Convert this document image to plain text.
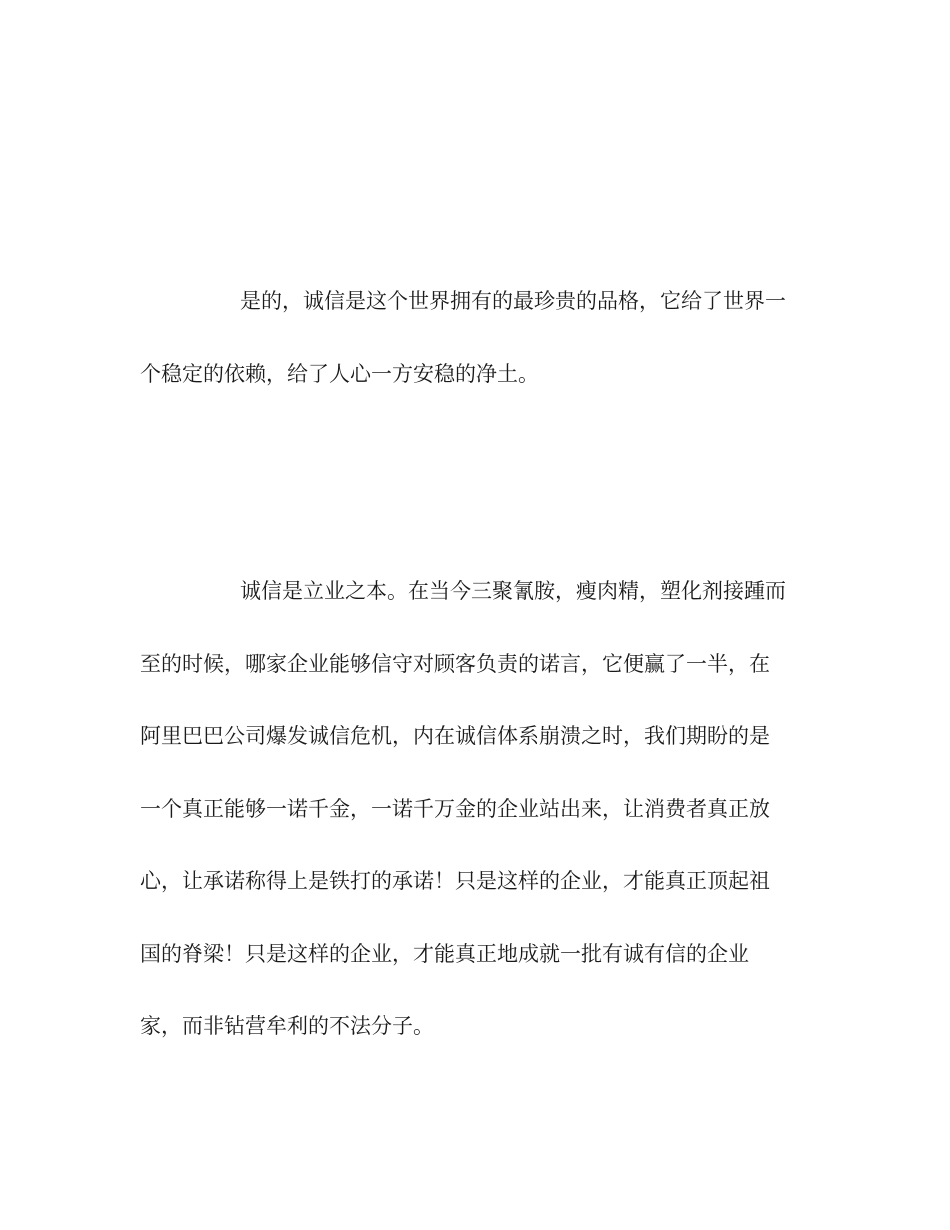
是的，诚信是这个世界拥有的最珍贵的品格，它给了世界一

个稳定的依赖，给了人心一方安稳的净土。

诚信是立业之本。在当今三聚氰胺，瘦肉精，塑化剂接踵而

至的时候，哪家企业能够信守对顾客负责的诺言，它便赢了一半，在

阿里巴巴公司爆发诚信危机，内在诚信体系崩溃之时，我们期盼的是

一个真正能够一诺千金，一诺千万金的企业站出来，让消费者真正放

心，让承诺称得上是铁打的承诺！只是这样的企业，才能真正顶起祖

国的脊梁！只是这样的企业，才能真正地成就一批有诚有信的企业

家，而非钻营牟利的不法分子。
